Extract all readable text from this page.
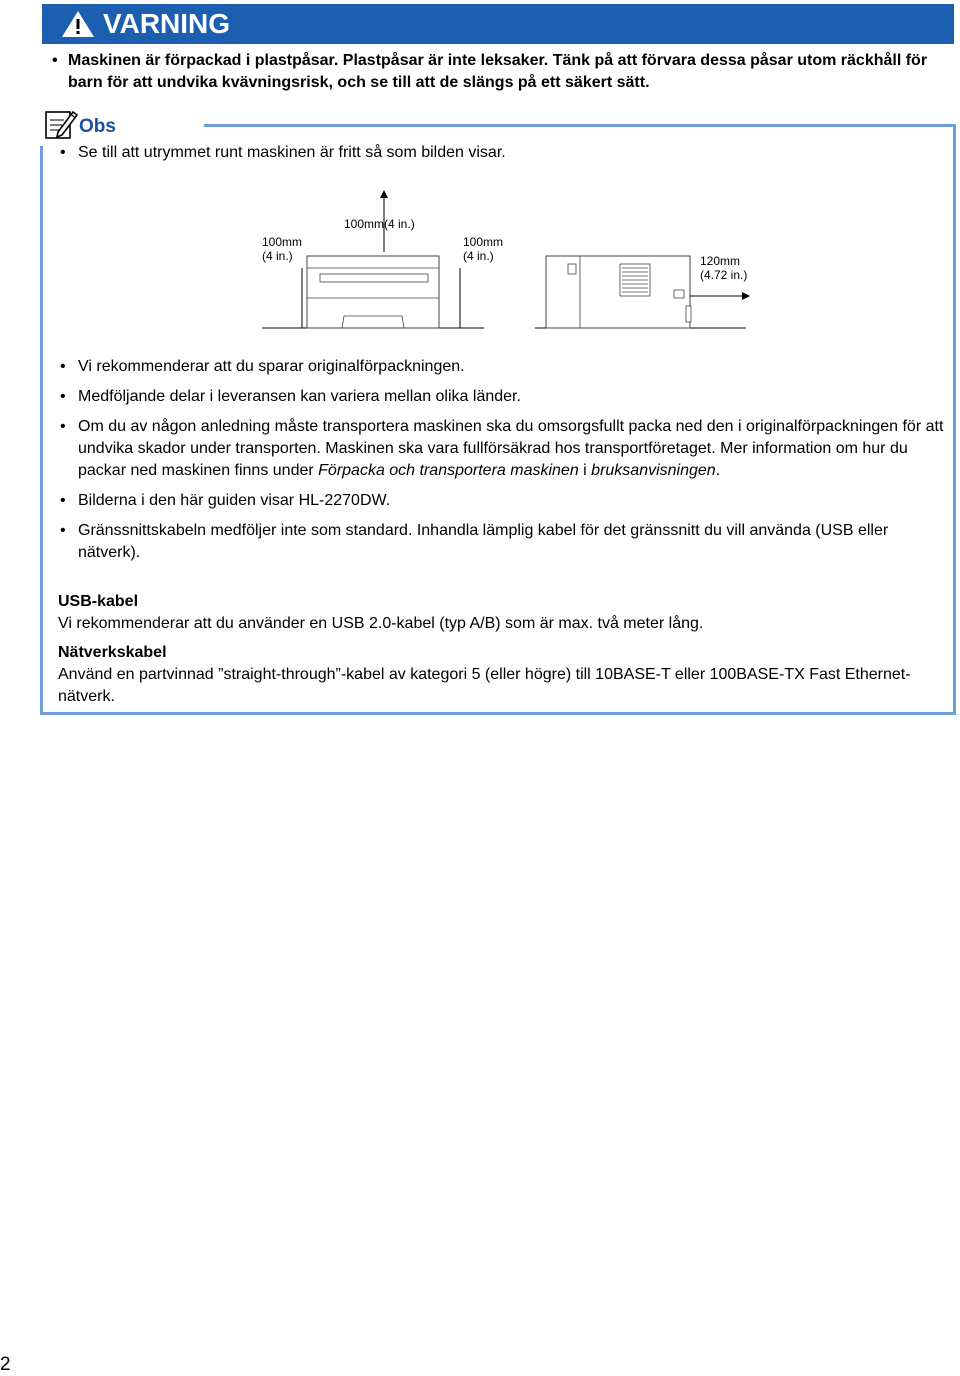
VARNING
• Maskinen är förpackad i plastpåsar. Plastpåsar är inte leksaker. Tänk på att förvara dessa påsar utom räckhåll för barn för att undvika kvävningsrisk, och se till att de slängs på ett säkert sätt.
Obs
• Se till att utrymmet runt maskinen är fritt så som bilden visar.
100mm
(4 in.)
100mm(4 in.)
100mm
(4 in.)	120mm
(4.72 in.)
• Vi rekommenderar att du sparar originalförpackningen.
• Medföljande delar i leveransen kan variera mellan olika länder.
• Om du av någon anledning måste transportera maskinen ska du omsorgsfullt packa ned den i originalförpackningen för att undvika skador under transporten. Maskinen ska vara fullförsäkrad hos transportföretaget. Mer information om hur du packar ned maskinen finns under Förpacka och transportera maskinen i bruksanvisningen.
• Bilderna i den här guiden visar HL-2270DW.
• Gränssnittskabeln medföljer inte som standard. Inhandla lämplig kabel för det gränssnitt du vill använda (USB eller nätverk).

USB-kabel

Vi rekommenderar att du använder en USB 2.0-kabel (typ A/B) som är max. två meter lång.

Nätverkskabel

Använd en partvinnad ”straight-through”-kabel av kategori 5 (eller högre) till 10BASE-T eller 100BASE-TX Fast Ethernet-nätverk.

2
